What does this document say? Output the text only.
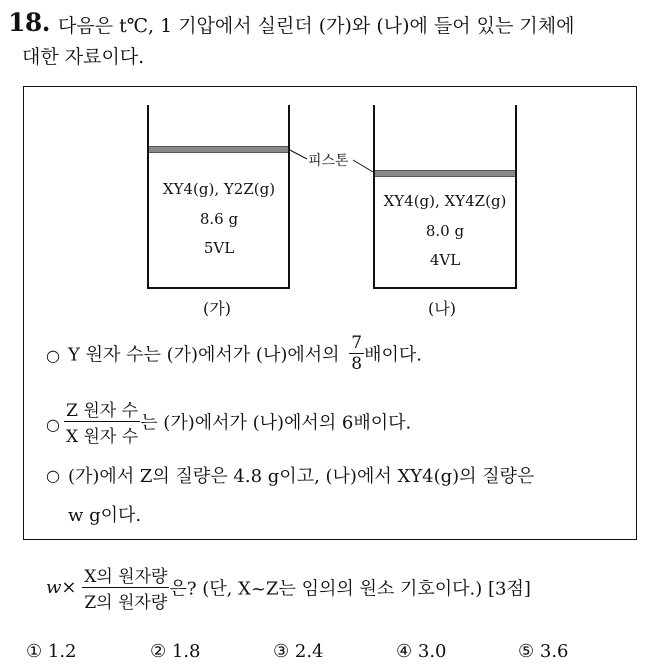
18. 다음은 t℃, 1 기압에서 실린더 (가)와 (나)에 들어 있는 기체에
대한 자료이다.
XY4(g), Y2Z(g)
8.6 g
5VL
(가)
XY4(g), XY4Z(g)
8.0 g
4VL
(나)
피스톤
○ Y 원자 수는 (가)에서가 (나)에서의 $\frac{7}{8}$ 배이다.
○ $\frac{\text{Z 원자 수}}{\text{X 원자 수}}$ 는 (가)에서가 (나)에서의 6배이다.
○ (가)에서 Z의 질량은 4.8 g이고, (나)에서 XY4(g)의 질량은
w g이다.
$w\times \frac{\text{X의 원자량}}{\text{Z의 원자량}}$ 은? (단, X~Z는 임의의 원소 기호이다.) [3점]
① 1.2	② 1.8	③ 2.4	④ 3.0	⑤ 3.6
